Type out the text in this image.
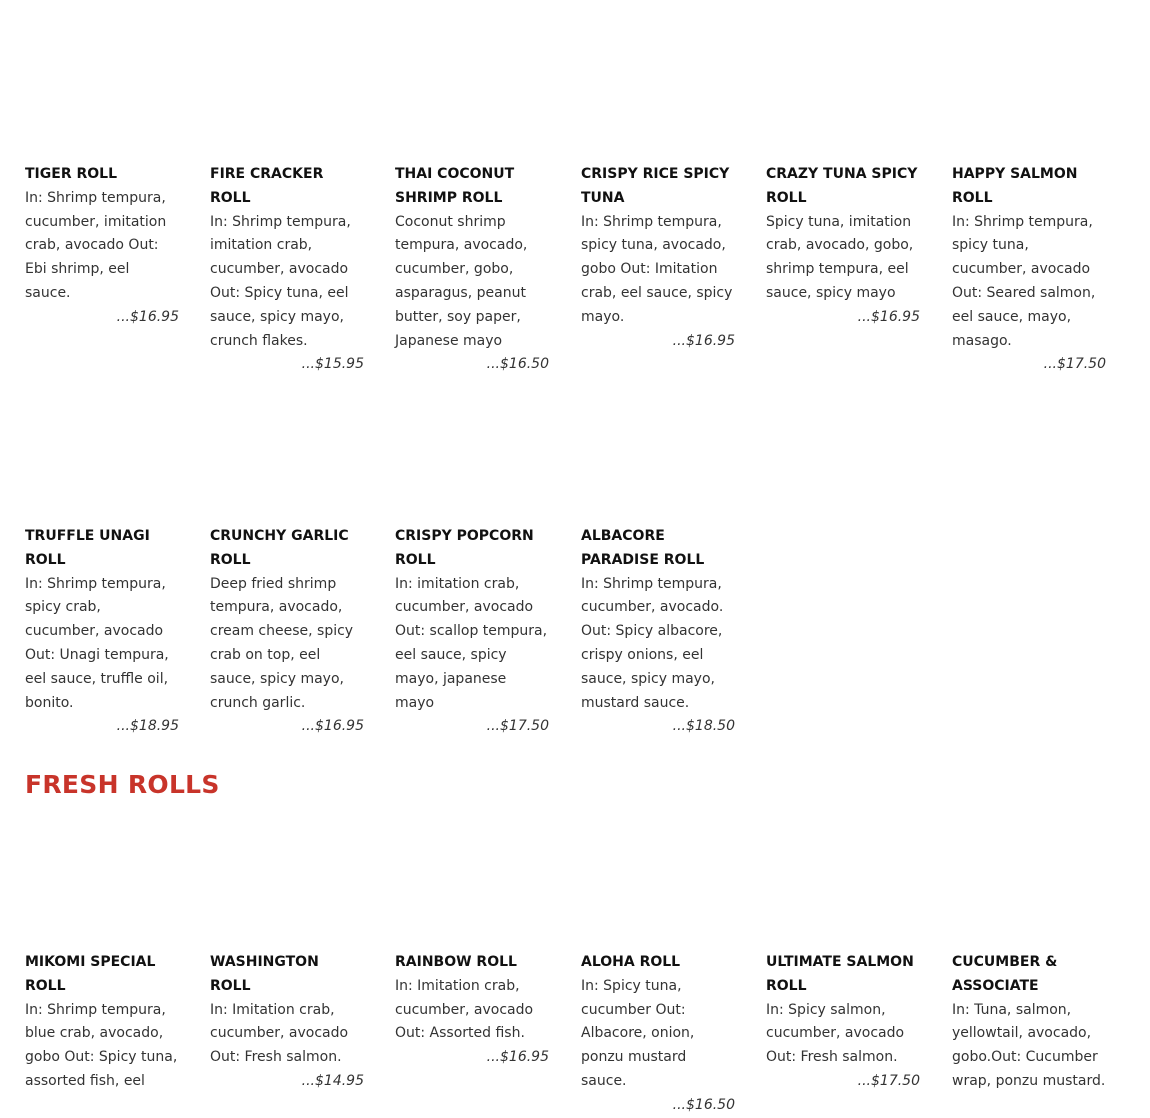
TIGER ROLL
In: Shrimp tempura, cucumber, imitation crab, avocado Out: Ebi shrimp, eel sauce.
...$16.95
FIRE CRACKER ROLL
In: Shrimp tempura, imitation crab, cucumber, avocado Out: Spicy tuna, eel sauce, spicy mayo, crunch flakes.
...$15.95
THAI COCONUT SHRIMP ROLL
Coconut shrimp tempura, avocado, cucumber, gobo, asparagus, peanut butter, soy paper, Japanese mayo
...$16.50
CRISPY RICE SPICY TUNA
In: Shrimp tempura, spicy tuna, avocado, gobo Out: Imitation crab, eel sauce, spicy mayo.
...$16.95
CRAZY TUNA SPICY ROLL
Spicy tuna, imitation crab, avocado, gobo, shrimp tempura, eel sauce, spicy mayo
...$16.95
HAPPY SALMON ROLL
In: Shrimp tempura, spicy tuna, cucumber, avocado Out: Seared salmon, eel sauce, mayo, masago.
...$17.50
TRUFFLE UNAGI ROLL
In: Shrimp tempura, spicy crab, cucumber, avocado Out: Unagi tempura, eel sauce, truffle oil, bonito.
...$18.95
CRUNCHY GARLIC ROLL
Deep fried shrimp tempura, avocado, cream cheese, spicy crab on top, eel sauce, spicy mayo, crunch garlic.
...$16.95
CRISPY POPCORN ROLL
In: imitation crab, cucumber, avocado Out: scallop tempura, eel sauce, spicy mayo, japanese mayo
...$17.50
ALBACORE PARADISE ROLL
In: Shrimp tempura, cucumber, avocado. Out: Spicy albacore, crispy onions, eel sauce, spicy mayo, mustard sauce.
...$18.50
FRESH ROLLS
MIKOMI SPECIAL ROLL
In: Shrimp tempura, blue crab, avocado, gobo Out: Spicy tuna, assorted fish, eel
WASHINGTON ROLL
In: Imitation crab, cucumber, avocado Out: Fresh salmon.
...$14.95
RAINBOW ROLL
In: Imitation crab, cucumber, avocado Out: Assorted fish.
...$16.95
ALOHA ROLL
In: Spicy tuna, cucumber Out: Albacore, onion, ponzu mustard sauce.
...$16.50
ULTIMATE SALMON ROLL
In: Spicy salmon, cucumber, avocado Out: Fresh salmon.
...$17.50
CUCUMBER & ASSOCIATE
In: Tuna, salmon, yellowtail, avocado, gobo.Out: Cucumber wrap, ponzu mustard.
